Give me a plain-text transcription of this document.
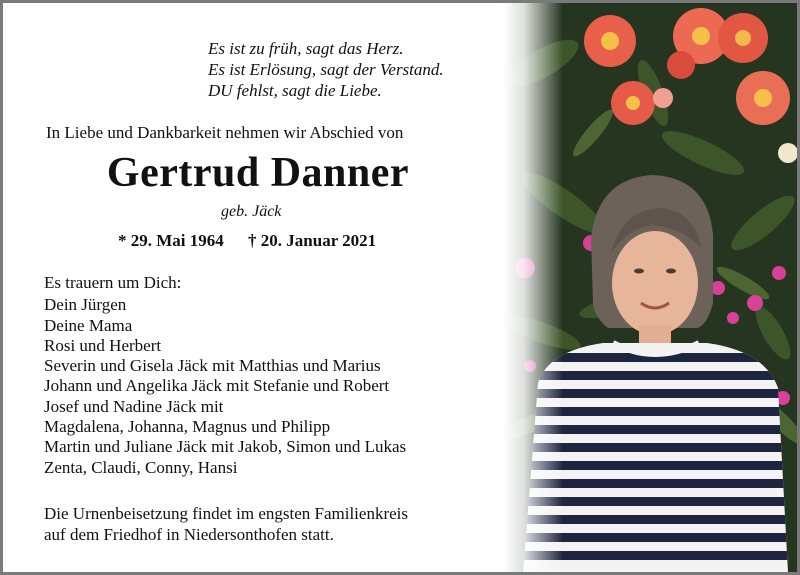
Es ist zu früh, sagt das Herz.
Es ist Erlösung, sagt der Verstand.
DU fehlst, sagt die Liebe.
In Liebe und Dankbarkeit nehmen wir Abschied von
Gertrud Danner
geb. Jäck
* 29. Mai 1964 † 20. Januar 2021
Es trauern um Dich:
Dein Jürgen
Deine Mama
Rosi und Herbert
Severin und Gisela Jäck mit Matthias und Marius
Johann und Angelika Jäck mit Stefanie und Robert
Josef und Nadine Jäck mit
Magdalena, Johanna, Magnus und Philipp
Martin und Juliane Jäck mit Jakob, Simon und Lukas
Zenta, Claudi, Conny, Hansi
Die Urnenbeisetzung findet im engsten Familienkreis
auf dem Friedhof in Niedersonthofen statt.
